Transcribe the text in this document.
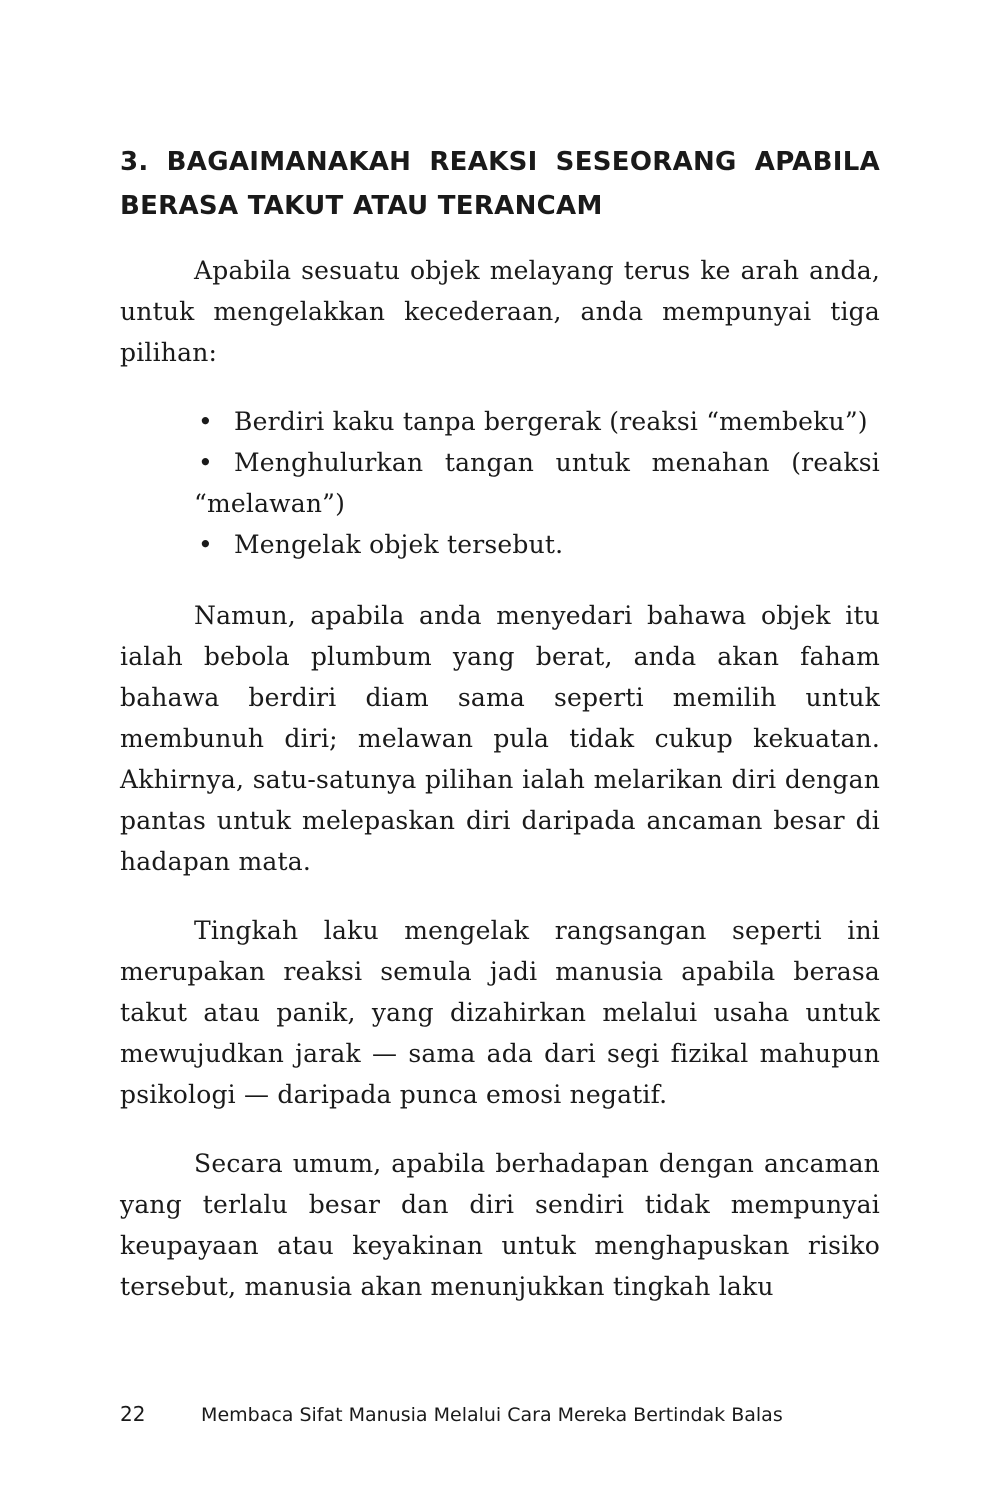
3. BAGAIMANAKAH REAKSI SESEORANG APABILA BERASA TAKUT ATAU TERANCAM

Apabila sesuatu objek melayang terus ke arah anda, untuk mengelakkan kecederaan, anda mempunyai tiga pilihan:

• Berdiri kaku tanpa bergerak (reaksi “membeku”)
• Menghulurkan tangan untuk menahan (reaksi “melawan”)
• Mengelak objek tersebut.

Namun, apabila anda menyedari bahawa objek itu ialah bebola plumbum yang berat, anda akan faham bahawa berdiri diam sama seperti memilih untuk membunuh diri; melawan pula tidak cukup kekuatan. Akhirnya, satu-satunya pilihan ialah melarikan diri dengan pantas untuk melepaskan diri daripada ancaman besar di hadapan mata.

Tingkah laku mengelak rangsangan seperti ini merupakan reaksi semula jadi manusia apabila berasa takut atau panik, yang dizahirkan melalui usaha untuk mewujudkan jarak — sama ada dari segi fizikal mahupun psikologi — daripada punca emosi negatif.

Secara umum, apabila berhadapan dengan ancaman yang terlalu besar dan diri sendiri tidak mempunyai keupayaan atau keyakinan untuk menghapuskan risiko tersebut, manusia akan menunjukkan tingkah laku

22	Membaca Sifat Manusia Melalui Cara Mereka Bertindak Balas
